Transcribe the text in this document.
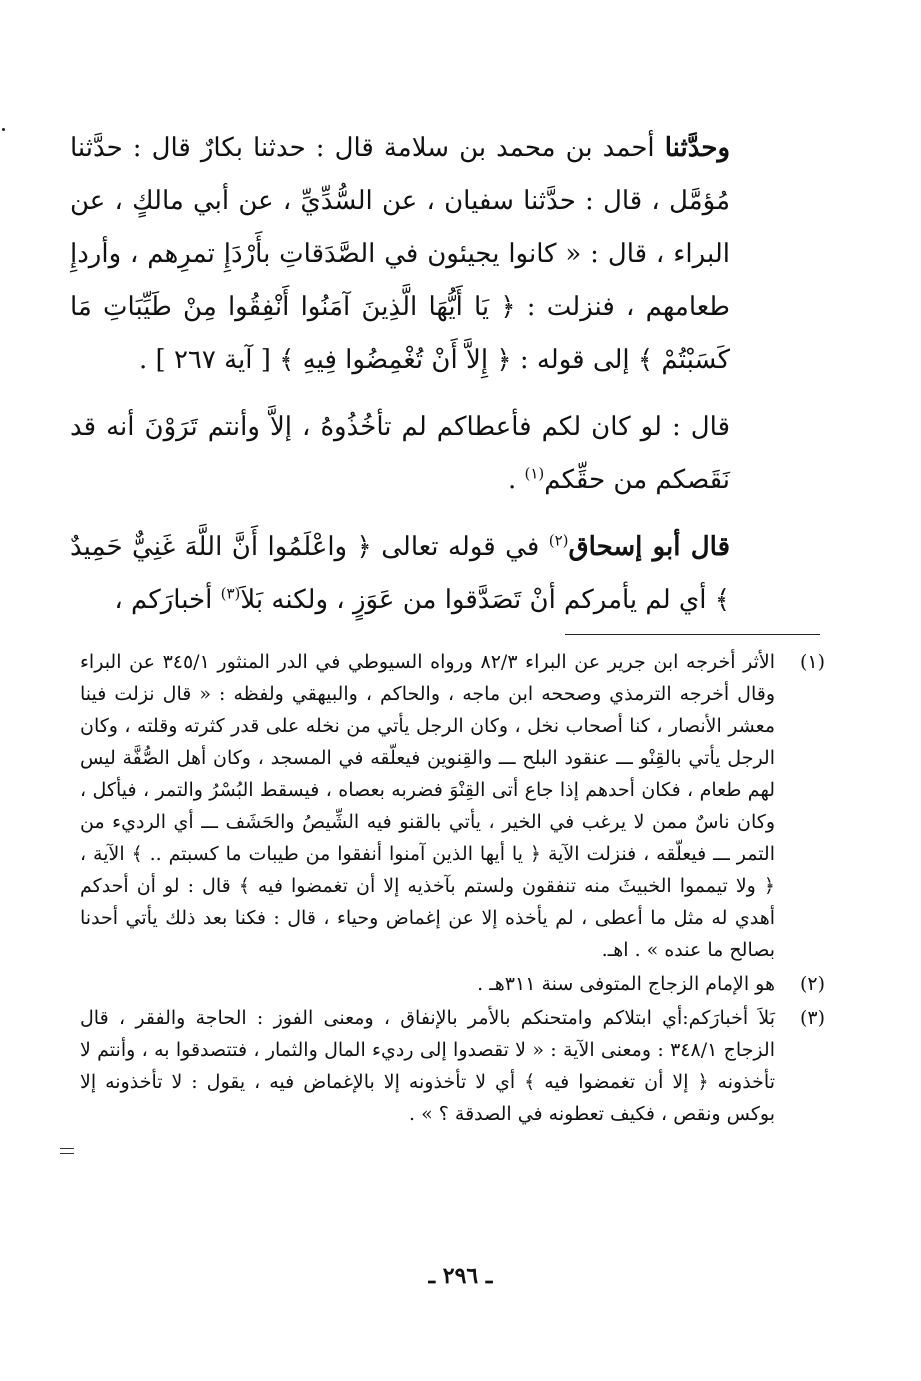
وحدَّثنا أحمد بن محمد بن سلامة قال : حدثنا بكارٌ قال : حدَّثنا مُؤمَّل ، قال : حدَّثنا سفيان ، عن السُّدِّيِّ ، عن أبي مالكٍ ، عن البراء ، قال : « كانوا يجيئون في الصَّدَقاتِ بأَرْدَإِ تمرِهم ، وأردإِ طعامهم ، فنزلت : ﴿ يَا أَيُّهَا الَّذِينَ آمَنُوا أَنْفِقُوا مِنْ طَيِّبَاتِ مَا كَسَبْتُمْ ﴾ إلى قوله : ﴿ إِلاَّ أَنْ تُغْمِضُوا فِيهِ ﴾ [ آية ٢٦٧ ] .

قال : لو كان لكم فأعطاكم لم تأخُذُوهُ ، إلاَّ وأنتم تَرَوْنَ أنه قد نَقَصكم من حقِّكم$^{(١)}$ .

قال أبو إسحاق$^{(٢)}$ في قوله تعالى ﴿ واعْلَمُوا أَنَّ اللَّهَ غَنِيٌّ حَمِيدٌ ﴾ أي لم يأمركم أنْ تَصَدَّقوا من عَوَزٍ ، ولكنه بَلاَ$^{(٣)}$ أخبارَكم ،

(١)
الأثر أخرجه ابن جرير عن البراء ٨٢/٣ ورواه السيوطي في الدر المنثور ٣٤٥/١ عن البراء وقال أخرجه الترمذي وصححه ابن ماجه ، والحاكم ، والبيهقي ولفظه : « قال نزلت فينا معشر الأنصار ، كنا أصحاب نخل ، وكان الرجل يأتي من نخله على قدر كثرته وقلته ، وكان الرجل يأتي بالقِنْو ـــ عنقود البلح ـــ والقِنوين فيعلّقه في المسجد ، وكان أهل الصُّفَّة ليس لهم طعام ، فكان أحدهم إذا جاع أتى القِنْوَ فضربه بعصاه ، فيسقط البُسْرُ والتمر ، فيأكل ، وكان ناسٌ ممن لا يرغب في الخير ، يأتي بالقنو فيه الشِّيصُ والحَشَف ـــ أي الرديء من التمر ـــ فيعلّقه ، فنزلت الآية ﴿ يا أيها الذين آمنوا أنفقوا من طيبات ما كسبتم .. ﴾ الآية ، ﴿ ولا تيمموا الخبيثَ منه تنفقون ولستم بآخذيه إلا أن تغمضوا فيه ﴾ قال : لو أن أحدكم أهدي له مثل ما أعطى ، لم يأخذه إلا عن إغماض وحياء ، قال : فكنا بعد ذلك يأتي أحدنا بصالح ما عنده » . اهـ.
(٢)
هو الإمام الزجاج المتوفى سنة ٣١١هـ .
(٣)
بَلاَ أخبارَكم:أي ابتلاكم وامتحنكم بالأمر بالإنفاق ، ومعنى الفوز : الحاجة والفقر ، قال الزجاج ٣٤٨/١ : ومعنى الآية : « لا تقصدوا إلى رديء المال والثمار ، فتتصدقوا به ، وأنتم لا تأخذونه ﴿ إلا أن تغمضوا فيه ﴾ أي لا تأخذونه إلا بالإغماض فيه ، يقول : لا تأخذونه إلا بوكس ونقص ، فكيف تعطونه في الصدقة ؟ » .
ـ ٢٩٦ ـ
